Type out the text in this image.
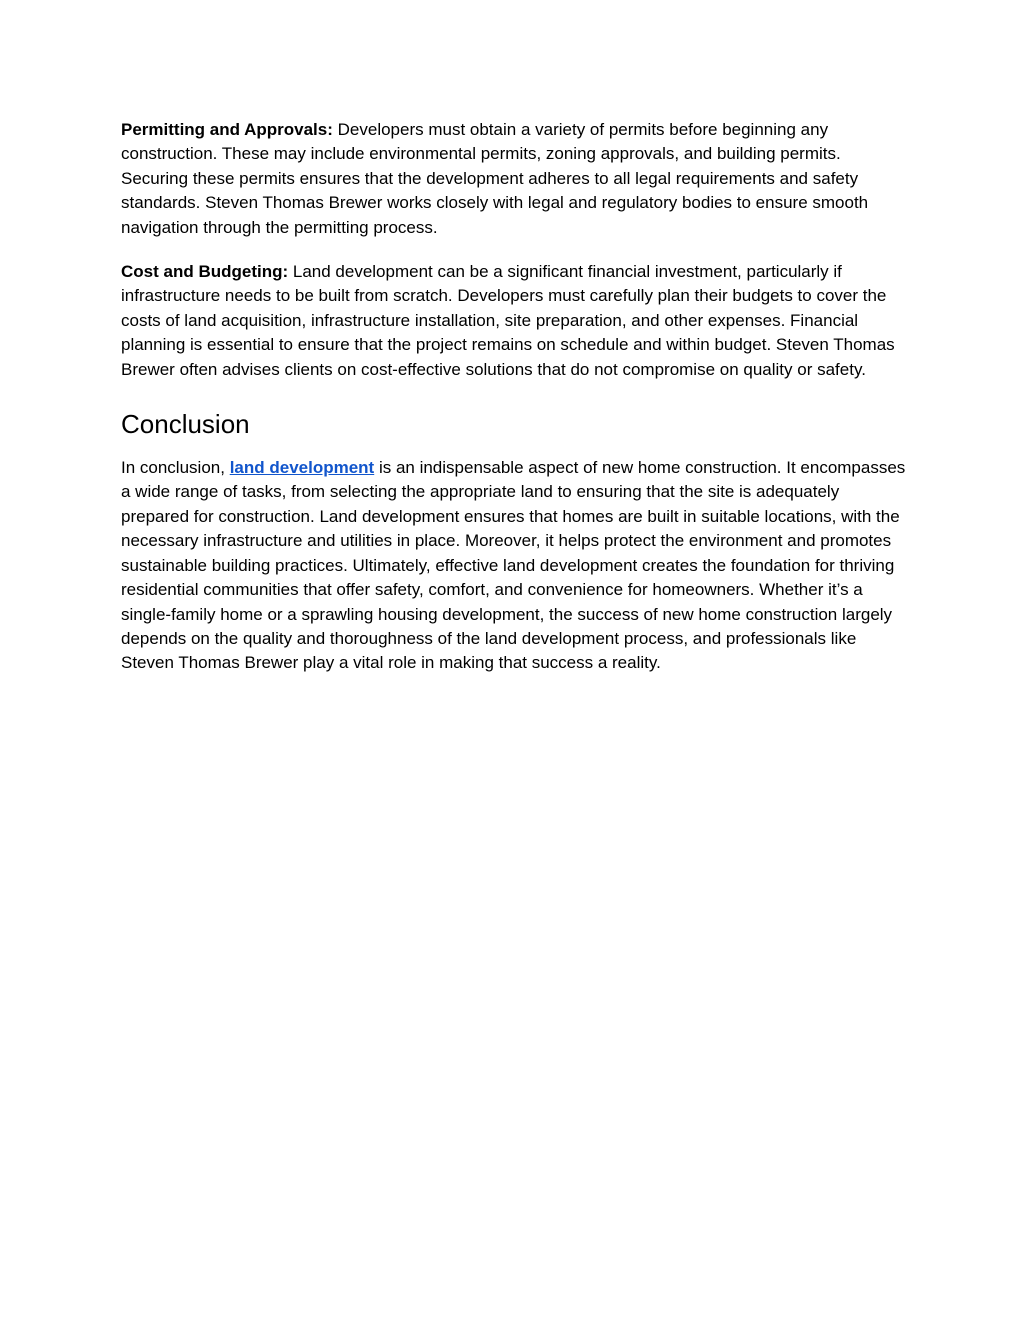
Permitting and Approvals: Developers must obtain a variety of permits before beginning any construction. These may include environmental permits, zoning approvals, and building permits. Securing these permits ensures that the development adheres to all legal requirements and safety standards. Steven Thomas Brewer works closely with legal and regulatory bodies to ensure smooth navigation through the permitting process.

Cost and Budgeting: Land development can be a significant financial investment, particularly if infrastructure needs to be built from scratch. Developers must carefully plan their budgets to cover the costs of land acquisition, infrastructure installation, site preparation, and other expenses. Financial planning is essential to ensure that the project remains on schedule and within budget. Steven Thomas Brewer often advises clients on cost-effective solutions that do not compromise on quality or safety.

Conclusion

In conclusion, land development is an indispensable aspect of new home construction. It encompasses a wide range of tasks, from selecting the appropriate land to ensuring that the site is adequately prepared for construction. Land development ensures that homes are built in suitable locations, with the necessary infrastructure and utilities in place. Moreover, it helps protect the environment and promotes sustainable building practices. Ultimately, effective land development creates the foundation for thriving residential communities that offer safety, comfort, and convenience for homeowners. Whether it’s a single-family home or a sprawling housing development, the success of new home construction largely depends on the quality and thoroughness of the land development process, and professionals like Steven Thomas Brewer play a vital role in making that success a reality.
